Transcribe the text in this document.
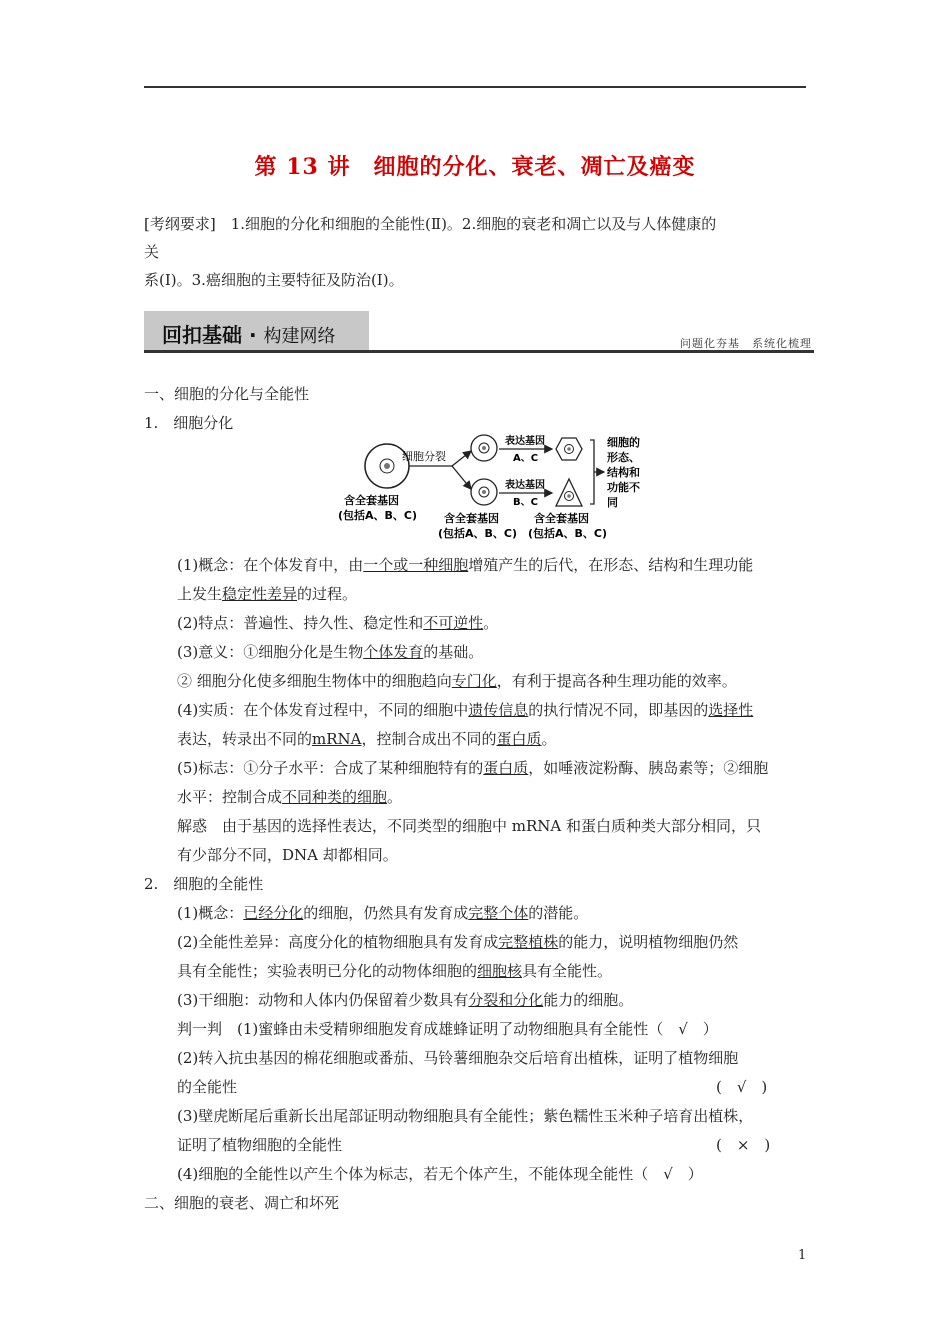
第 13 讲　细胞的分化、衰老、凋亡及癌变
[考纲要求]　1.细胞的分化和细胞的全能性(Ⅱ)。2.细胞的衰老和凋亡以及与人体健康的
关
系(Ⅰ)。3.癌细胞的主要特征及防治(Ⅰ)。
回扣基础 · 构建网络	问题化夯基　系统化梳理
一、细胞的分化与全能性
1.　细胞分化
细胞分裂
表达基因
A、C
表达基因
B、C
细胞的
形态、
结构和
功能不
同
含全套基因
(包括A、B、C) 含全套基因
(包括A、B、C)
含全套基因
(包括A、B、C)
(1)概念：在个体发育中，由一个或一种细胞增殖产生的后代，在形态、结构和生理功能
上发生稳定性差异的过程。
(2)特点：普遍性、持久性、稳定性和不可逆性。
(3)意义：①细胞分化是生物个体发育的基础。
② 细胞分化使多细胞生物体中的细胞趋向专门化，有利于提高各种生理功能的效率。
(4)实质：在个体发育过程中，不同的细胞中遗传信息的执行情况不同，即基因的选择性
表达，转录出不同的mRNA，控制合成出不同的蛋白质。
(5)标志：①分子水平：合成了某种细胞特有的蛋白质，如唾液淀粉酶、胰岛素等；②细胞
水平：控制合成不同种类的细胞。
解惑　由于基因的选择性表达，不同类型的细胞中 mRNA 和蛋白质种类大部分相同，只
有少部分不同，DNA 却都相同。
2.　细胞的全能性
(1)概念：已经分化的细胞，仍然具有发育成完整个体的潜能。
(2)全能性差异：高度分化的植物细胞具有发育成完整植株的能力，说明植物细胞仍然
具有全能性；实验表明已分化的动物体细胞的细胞核具有全能性。
(3)干细胞：动物和人体内仍保留着少数具有分裂和分化能力的细胞。
判一判　(1)蜜蜂由未受精卵细胞发育成雄蜂证明了动物细胞具有全能性（　√　）
(2)转入抗虫基因的棉花细胞或番茄、马铃薯细胞杂交后培育出植株，证明了植物细胞
的全能性	(　√　)
(3)壁虎断尾后重新长出尾部证明动物细胞具有全能性；紫色糯性玉米种子培育出植株，
证明了植物细胞的全能性	(　×　)
(4)细胞的全能性以产生个体为标志，若无个体产生，不能体现全能性（　√　）
二、细胞的衰老、凋亡和坏死
1
